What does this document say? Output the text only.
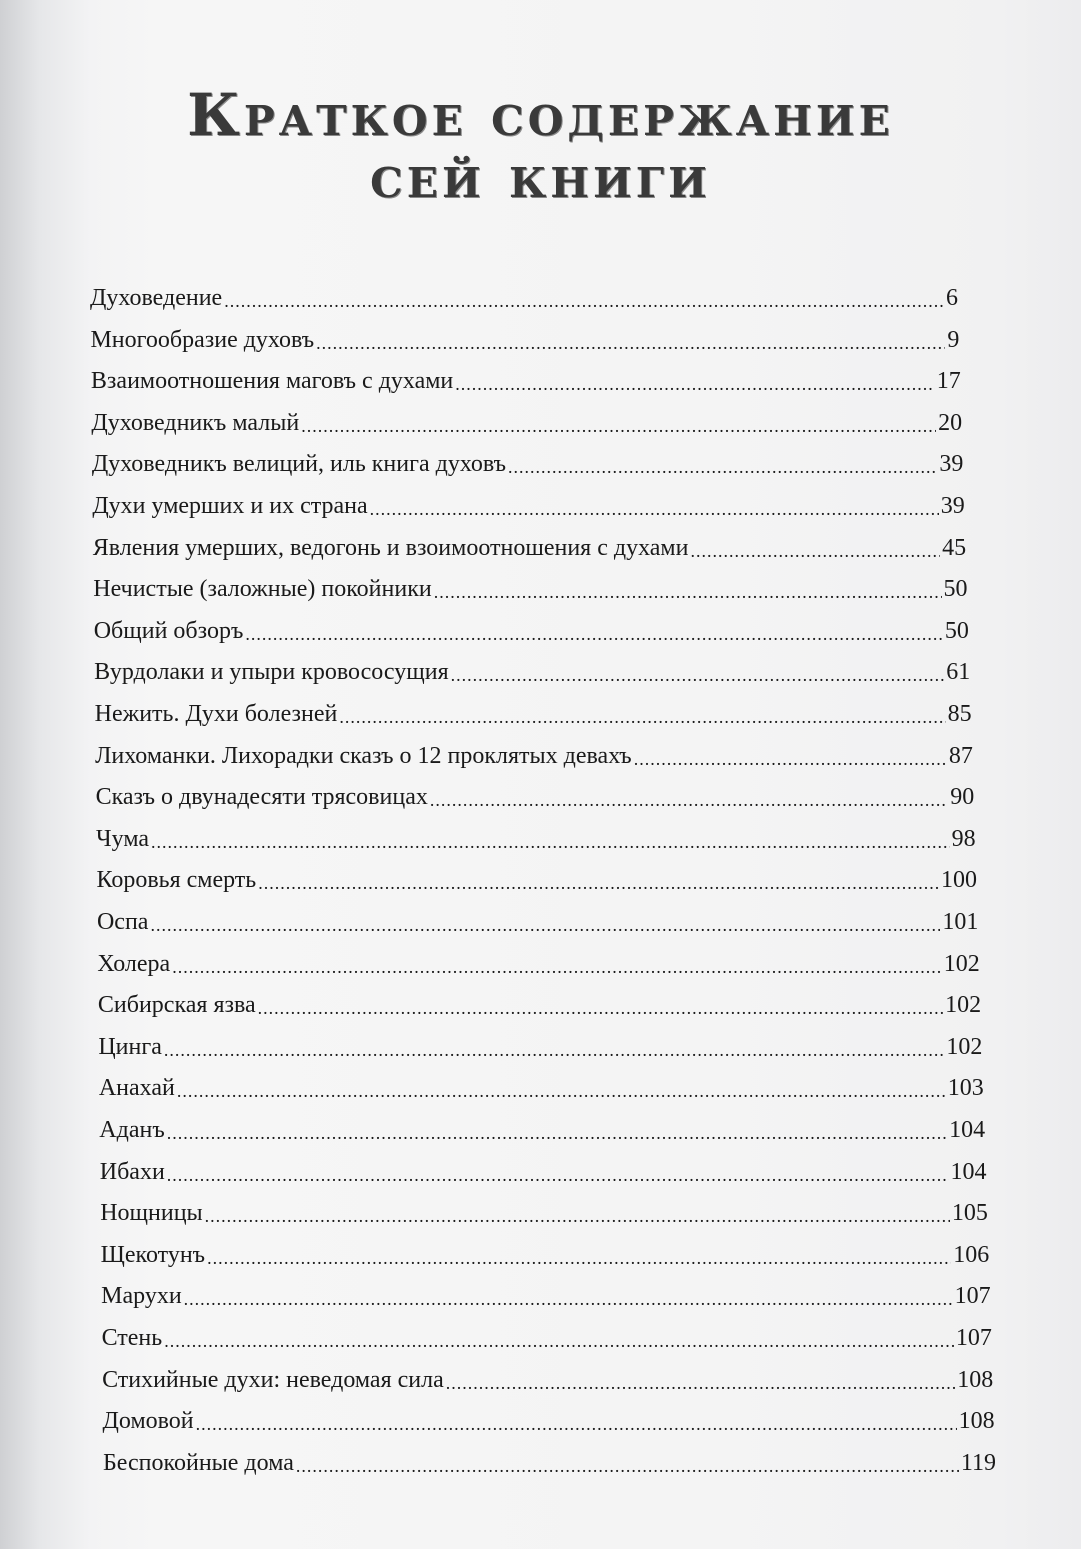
Краткое содержание
сей книги
Духоведение .....	6
Многообразие духовъ .....	9
Взаимоотношения маговъ с духами .....	17
Духоведникъ малый .....	20
Духоведникъ велиций, иль книга духовъ .....	39
Духи умерших и их страна .....	39
Явления умерших, ведогонь и взоимоотношения с духами .....	45
Нечистые (заложные) покойники .....	50
Общий обзоръ .....	50
Вурдолаки и упыри кровососущия .....	61
Нежить. Духи болезней .....	85
Лихоманки. Лихорадки сказъ о 12 проклятых девахъ .....	87
Сказъ о двунадесяти трясовицах .....	90
Чума .....	98
Коровья смерть .....	100
Оспа .....	101
Холера .....	102
Сибирская язва .....	102
Цинга .....	102
Анахай .....	103
Аданъ .....	104
Ибахи .....	104
Нощницы .....	105
Щекотунъ .....	106
Марухи .....	107
Стень .....	107
Стихийные духи: неведомая сила .....	108
Домовой .....	108
Беспокойные дома .....	119
